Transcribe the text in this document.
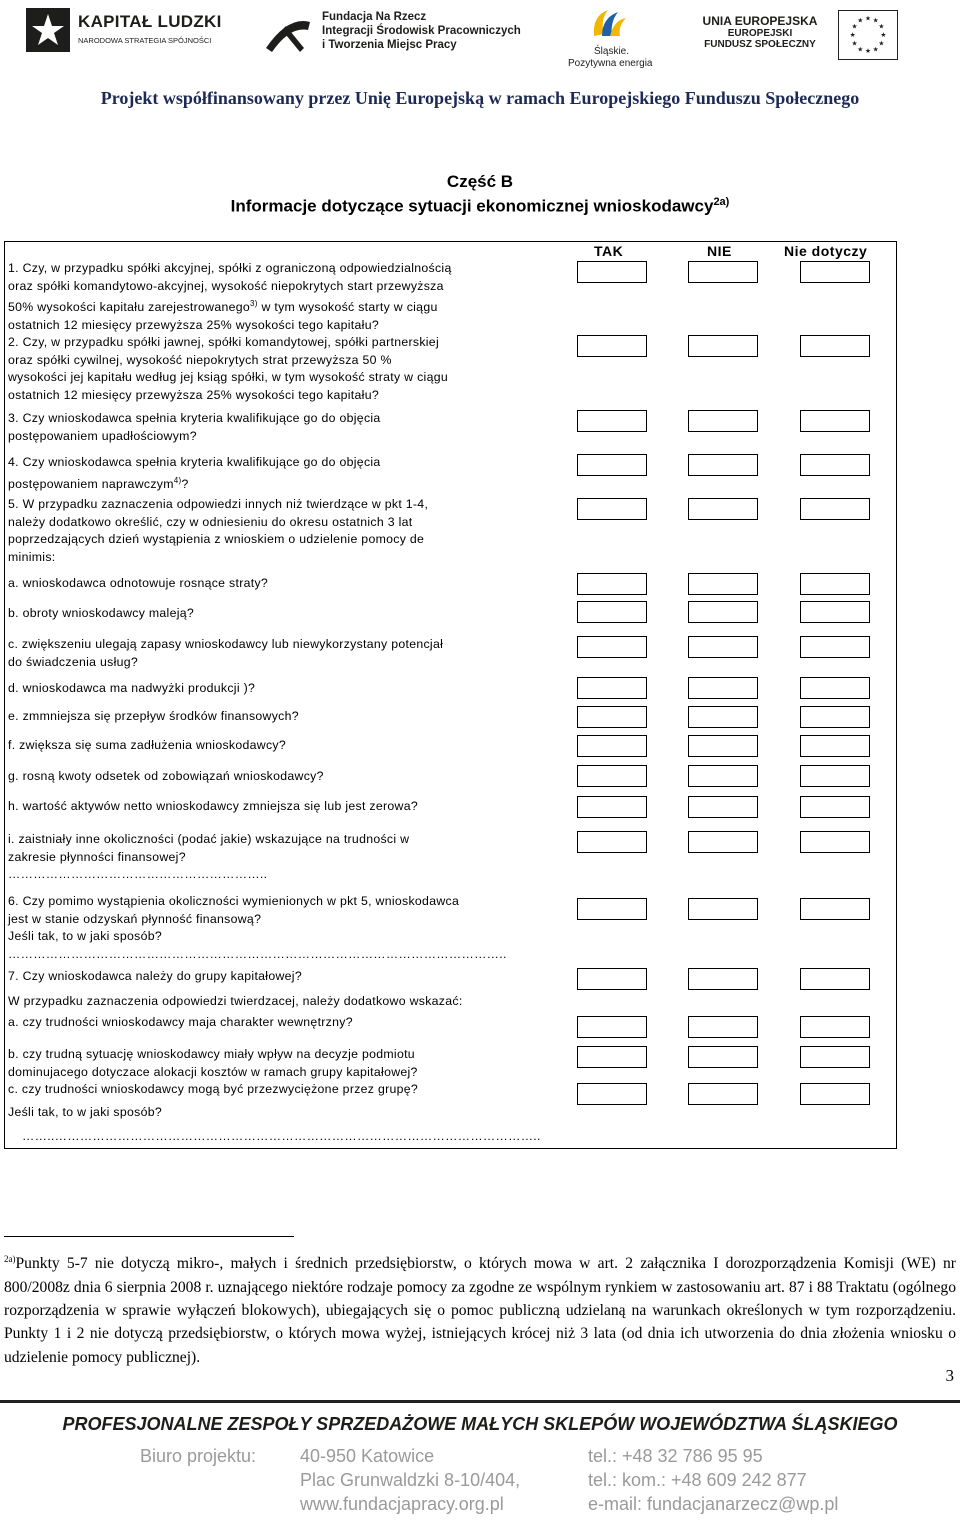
KAPITAŁ LUDZKI
NARODOWA STRATEGIA SPÓJNOŚCI
Fundacja Na Rzecz
Integracji Środowisk Pracowniczych
i Tworzenia Miejsc Pracy
Śląskie.
Pozytywna energia
UNIA EUROPEJSKA
EUROPEJSKI
FUNDUSZ SPOŁECZNY
★ ★
★
★
★
★
★
★
★
★
★
★
Projekt współfinansowany przez Unię Europejską w ramach Europejskiego Funduszu Społecznego
Część B
Informacje dotyczące sytuacji ekonomicznej wnioskodawcy$^{2a)}$
TAK	NIE	Nie dotyczy
1. Czy, w przypadku spółki akcyjnej, spółki z ograniczoną odpowiedzialnością
oraz spółki komandytowo-akcyjnej, wysokość niepokrytych start przewyższa
50% wysokości kapitału zarejestrowanego$^{3)}$ w tym wysokość starty w ciągu
ostatnich 12 miesięcy przewyższa 25% wysokości tego kapitału?
2. Czy, w przypadku spółki jawnej, spółki komandytowej, spółki partnerskiej
oraz spółki cywilnej, wysokość niepokrytych strat przewyższa 50 %
wysokości jej kapitału według jej ksiąg spółki, w tym wysokość straty w ciągu
ostatnich 12 miesięcy przewyższa 25% wysokości tego kapitału?
3. Czy wnioskodawca spełnia kryteria kwalifikujące go do objęcia
postępowaniem upadłościowym?
4. Czy wnioskodawca spełnia kryteria kwalifikujące go do objęcia
postępowaniem naprawczym$^{4)}$?
5. W przypadku zaznaczenia odpowiedzi innych niż twierdzące w pkt 1-4,
należy dodatkowo określić, czy w odniesieniu do okresu ostatnich 3 lat
poprzedzających dzień wystąpienia z wnioskiem o udzielenie pomocy de
minimis:
a. wnioskodawca odnotowuje rosnące straty?
b. obroty wnioskodawcy maleją?
c. zwiększeniu ulegają zapasy wnioskodawcy lub niewykorzystany potencjał
do świadczenia usług?
d. wnioskodawca ma nadwyżki produkcji )?
e. zmmniejsza się przepływ środków finansowych?
f. zwiększa się suma zadłużenia wnioskodawcy?
g. rosną kwoty odsetek od zobowiązań wnioskodawcy?
h. wartość aktywów netto wnioskodawcy zmniejsza się lub jest zerowa?
i. zaistniały inne okoliczności (podać jakie) wskazujące na trudności w
zakresie płynności finansowej?
……………………………………………………..
6. Czy pomimo wystąpienia okoliczności wymienionych w pkt 5, wnioskodawca
jest w stanie odzyskań płynność finansową?
Jeśli tak, to w jaki sposób?
………………………………………………………………………………………………………..
7. Czy wnioskodawca należy do grupy kapitałowej?
W przypadku zaznaczenia odpowiedzi twierdzacej, należy dodatkowo wskazać:
a. czy trudności wnioskodawcy maja charakter wewnętrzny?
b. czy trudną sytuację wnioskodawcy miały wpływ na decyzje podmiotu
dominujacego dotyczace alokacji kosztów w ramach grupy kapitałowej?
c. czy trudności wnioskodawcy mogą być przezwyciężone przez grupę?
Jeśli tak, to w jaki sposób?
……..……………………………………………………………………………………………………..
$^{2a)}$Punkty 5-7 nie dotyczą mikro-, małych i średnich przedsiębiorstw, o których mowa w art. 2 załącznika I dorozporządzenia Komisji (WE) nr 800/2008z dnia 6 sierpnia 2008 r. uznającego niektóre rodzaje pomocy za zgodne ze wspólnym rynkiem w zastosowaniu art. 87 i 88 Traktatu (ogólnego rozporządzenia w sprawie wyłączeń blokowych), ubiegających się o pomoc publiczną udzielaną na warunkach określonych w tym rozporządzeniu. Punkty 1 i 2 nie dotyczą przedsiębiorstw, o których mowa wyżej, istniejących krócej niż 3 lata (od dnia ich utworzenia do dnia złożenia wniosku o udzielenie pomocy publicznej).
3
PROFESJONALNE ZESPOŁY SPRZEDAŻOWE MAŁYCH SKLEPÓW WOJEWÓDZTWA ŚLĄSKIEGO
Biuro projektu: 40-950 Katowice
Plac Grunwaldzki 8-10/404,
www.fundacjapracy.org.pl
tel.: +48 32 786 95 95
tel.: kom.: +48 609 242 877
e-mail: fundacjanarzecz@wp.pl
